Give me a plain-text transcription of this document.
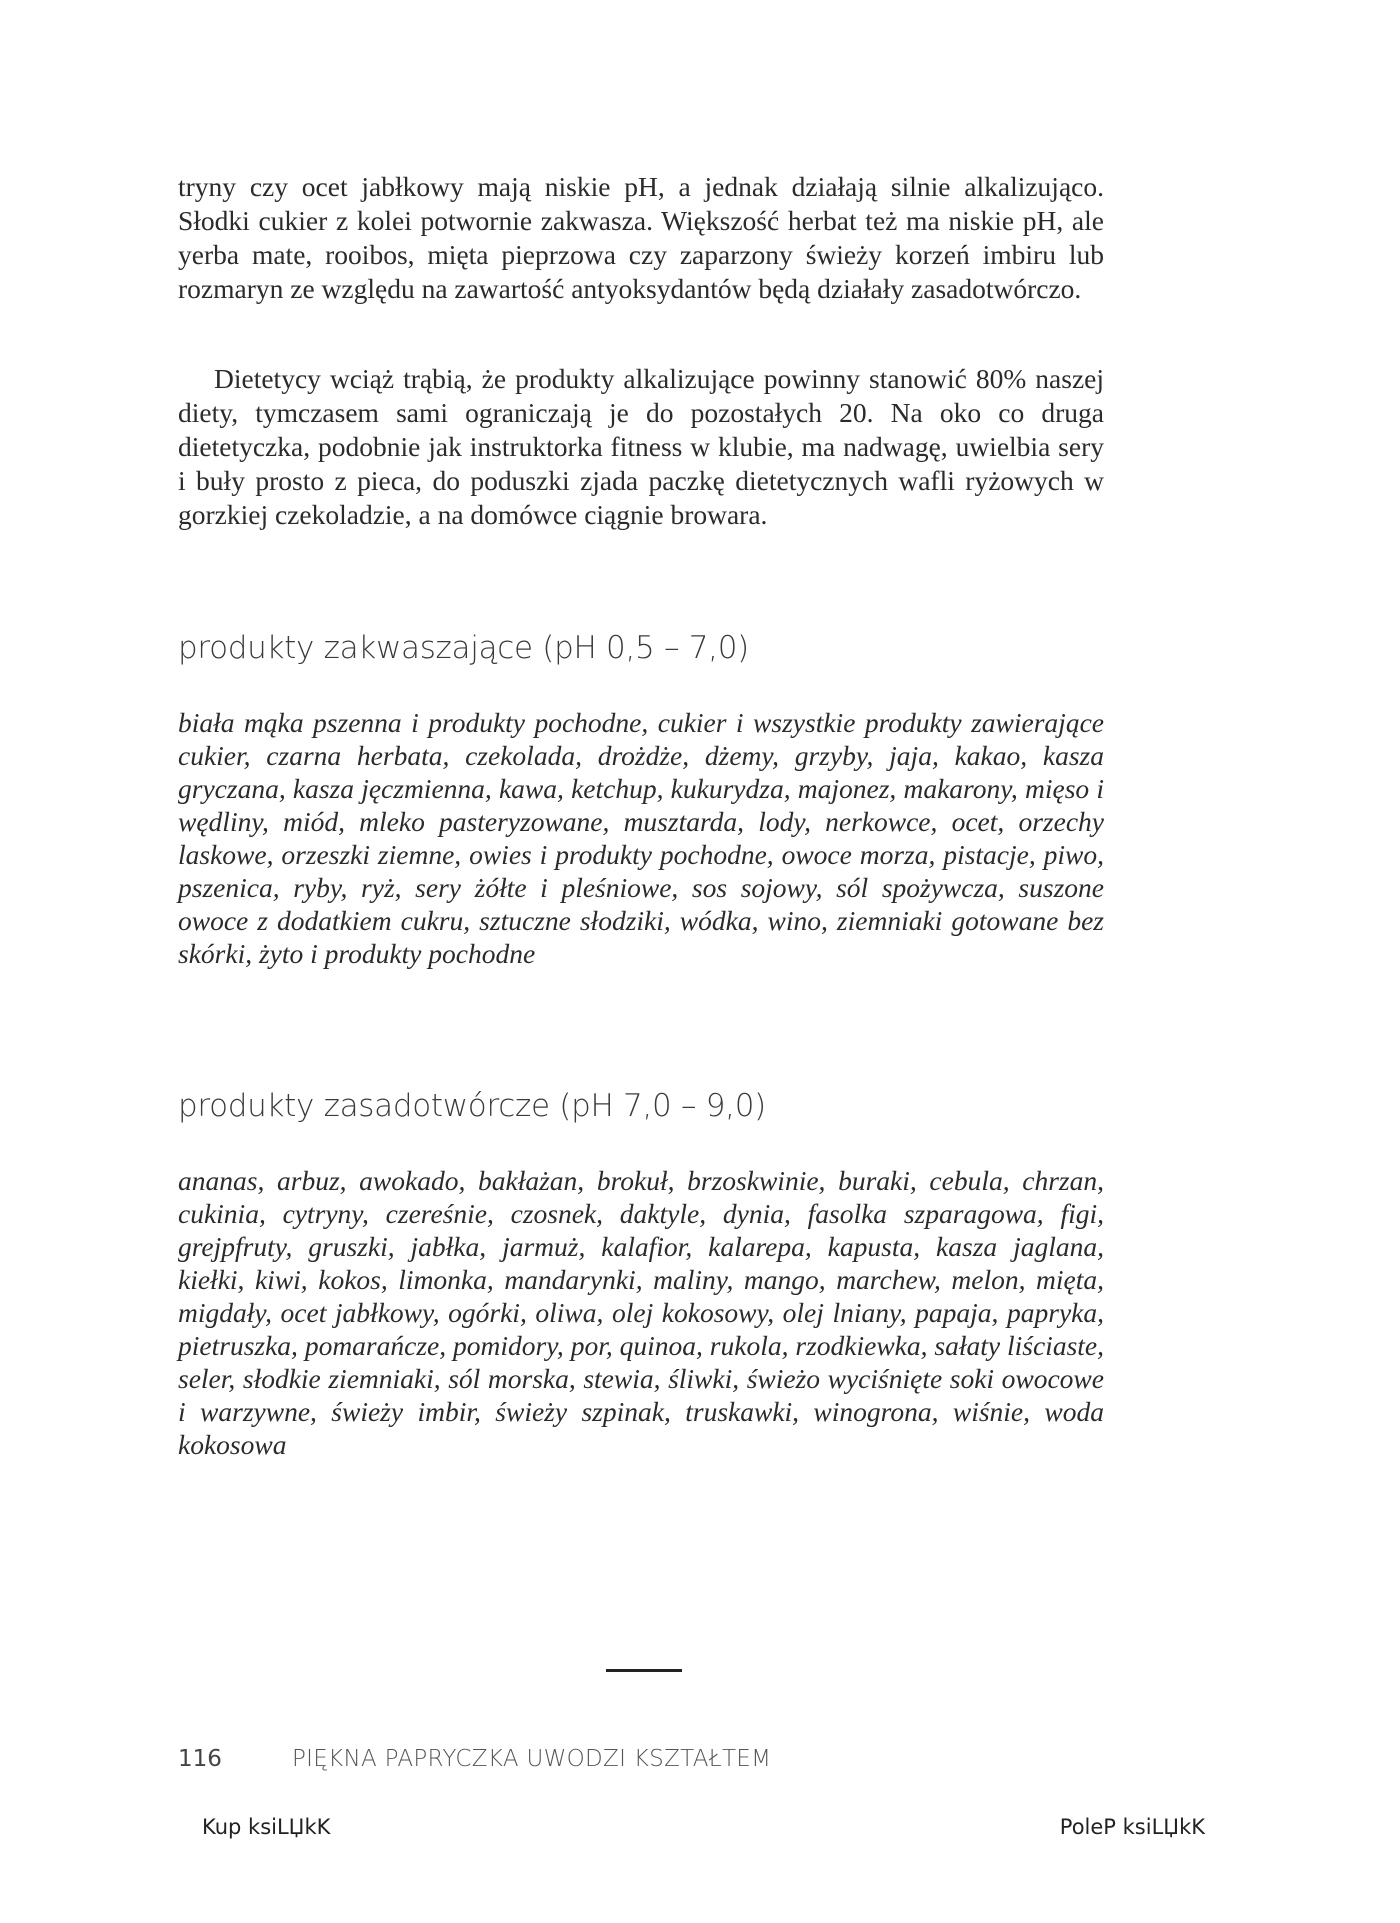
tryny czy ocet jabłkowy mają niskie pH, a jednak działają silnie alkalizująco. Słodki cukier z kolei potwornie zakwasza. Większość herbat też ma niskie pH, ale yerba mate, rooibos, mięta pieprzowa czy zaparzony świeży korzeń imbiru lub rozmaryn ze względu na zawartość antyoksydantów będą działały zasadotwórczo.

Dietetycy wciąż trąbią, że produkty alkalizujące powinny stanowić 80% naszej diety, tymczasem sami ograniczają je do pozostałych 20. Na oko co druga dietetyczka, podobnie jak instruktorka fitness w klubie, ma nadwagę, uwielbia sery i buły prosto z pieca, do poduszki zjada paczkę dietetycznych wafli ryżowych w gorzkiej czekoladzie, a na domówce ciągnie browara.

produkty zakwaszające (pH 0,5 – 7,0)

biała mąka pszenna i produkty pochodne, cukier i wszystkie produkty zawierające cukier, czarna herbata, czekolada, drożdże, dżemy, grzyby, jaja, kakao, kasza gryczana, kasza jęczmienna, kawa, ketchup, kukurydza, majonez, makarony, mięso i wędliny, miód, mleko pasteryzowane, musztarda, lody, nerkowce, ocet, orzechy laskowe, orzeszki ziemne, owies i produkty pochodne, owoce morza, pistacje, piwo, pszenica, ryby, ryż, sery żółte i pleśniowe, sos sojowy, sól spożywcza, suszone owoce z dodatkiem cukru, sztuczne słodziki, wódka, wino, ziemniaki gotowane bez skórki, żyto i produkty pochodne

produkty zasadotwórcze (pH 7,0 – 9,0)

ananas, arbuz, awokado, bakłażan, brokuł, brzoskwinie, buraki, cebula, chrzan, cukinia, cytryny, czereśnie, czosnek, daktyle, dynia, fasolka szparagowa, figi, grejpfruty, gruszki, jabłka, jarmuż, kalafior, kalarepa, kapusta, kasza jaglana, kiełki, kiwi, kokos, limonka, mandarynki, maliny, mango, marchew, melon, mięta, migdały, ocet jabłkowy, ogórki, oliwa, olej kokosowy, olej lniany, papaja, papryka, pietruszka, pomarańcze, pomidory, por, quinoa, rukola, rzodkiewka, sałaty liściaste, seler, słodkie ziemniaki, sól morska, stewia, śliwki, świeżo wyciśnięte soki owocowe i warzywne, świeży imbir, świeży szpinak, truskawki, winogrona, wiśnie, woda kokosowa

116	PIĘKNA PAPRYCZKA UWODZI KSZTAŁTEM
Kup ksiLЏkK	PoleP ksiLЏkK
